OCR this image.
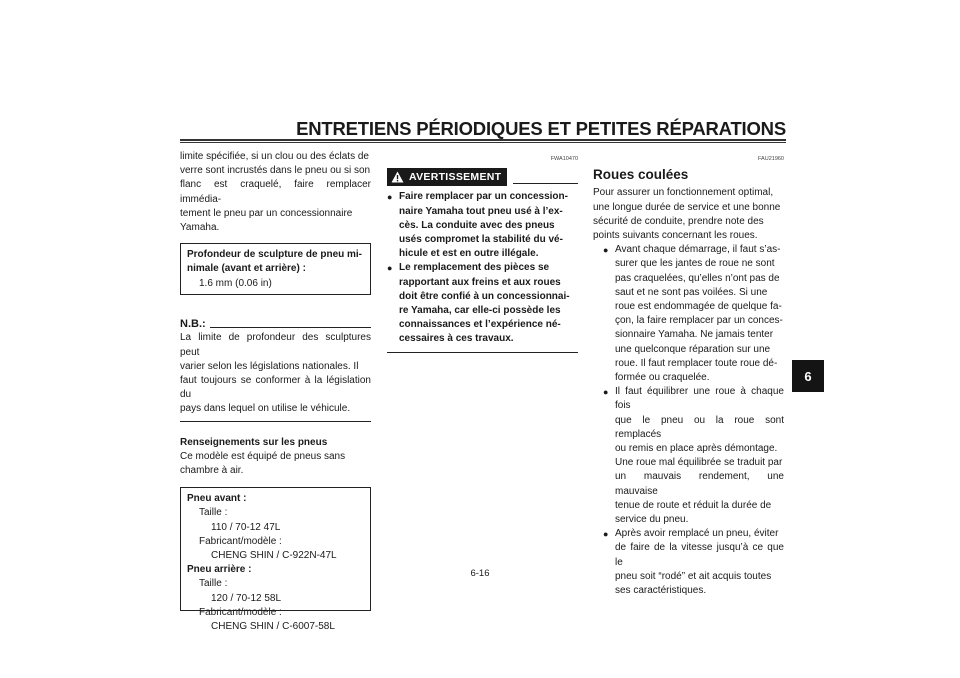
ENTRETIENS PÉRIODIQUES ET PETITES RÉPARATIONS
limite spécifiée, si un clou ou des éclats de
verre sont incrustés dans le pneu ou si son
flanc est craquelé, faire remplacer immédia-
tement le pneu par un concessionnaire
Yamaha.
Profondeur de sculpture de pneu mi-
nimale (avant et arrière) :
1.6 mm (0.06 in)
N.B.:
La limite de profondeur des sculptures peut
varier selon les législations nationales. Il
faut toujours se conformer à la législation du
pays dans lequel on utilise le véhicule.
Renseignements sur les pneus
Ce modèle est équipé de pneus sans
chambre à air.
Pneu avant :
Taille :
110 / 70-12 47L
Fabricant/modèle :
CHENG SHIN / C-922N-47L
Pneu arrière :
Taille :
120 / 70-12 58L
Fabricant/modèle :
CHENG SHIN / C-6007-58L
FWA10470
AVERTISSEMENT
● Faire remplacer par un concession-
naire Yamaha tout pneu usé à l’ex-
cès. La conduite avec des pneus
usés compromet la stabilité du vé-
hicule et est en outre illégale.
● Le remplacement des pièces se
rapportant aux freins et aux roues
doit être confié à un concessionnai-
re Yamaha, car elle-ci possède les
connaissances et l’expérience né-
cessaires à ces travaux.
FAU21960
Roues coulées
Pour assurer un fonctionnement optimal,
une longue durée de service et une bonne
sécurité de conduite, prendre note des
points suivants concernant les roues.
● Avant chaque démarrage, il faut s’as-
surer que les jantes de roue ne sont
pas craquelées, qu’elles n’ont pas de
saut et ne sont pas voilées. Si une
roue est endommagée de quelque fa-
çon, la faire remplacer par un conces-
sionnaire Yamaha. Ne jamais tenter
une quelconque réparation sur une
roue. Il faut remplacer toute roue dé-
formée ou craquelée.
● Il faut équilibrer une roue à chaque fois
que le pneu ou la roue sont remplacés
ou remis en place après démontage.
Une roue mal équilibrée se traduit par
un mauvais rendement, une mauvaise
tenue de route et réduit la durée de
service du pneu.
● Après avoir remplacé un pneu, éviter
de faire de la vitesse jusqu’à ce que le
pneu soit “rodé” et ait acquis toutes
ses caractéristiques.
6
6-16
